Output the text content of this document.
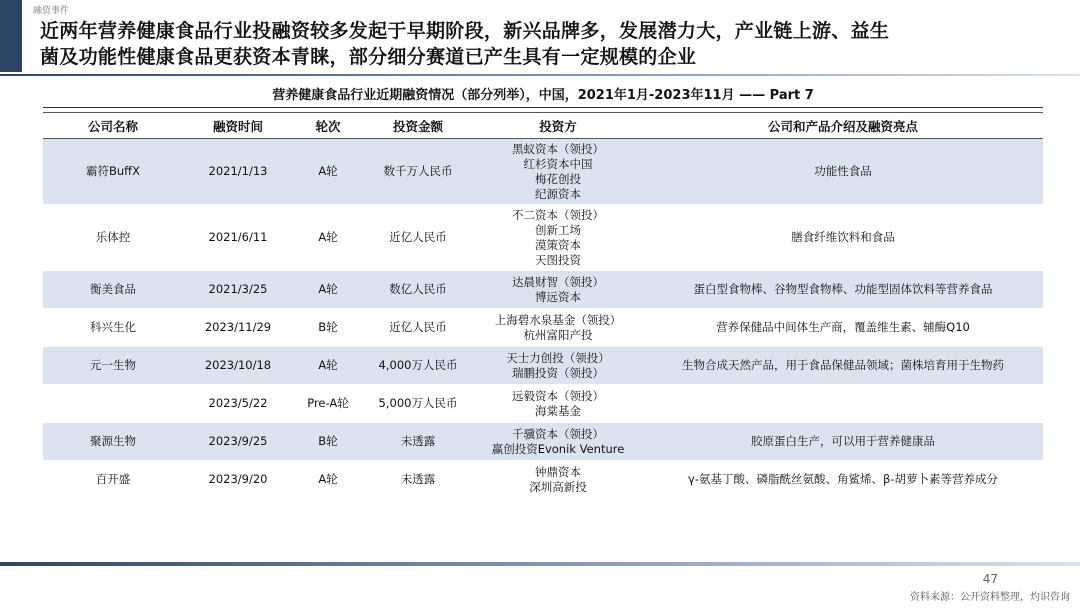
融资事件
近两年营养健康食品行业投融资较多发起于早期阶段，新兴品牌多，发展潜力大，产业链上游、益生
菌及功能性健康食品更获资本青睐，部分细分赛道已产生具有一定规模的企业
营养健康食品行业近期融资情况（部分列举），中国，2021年1月-2023年11月 —— Part 7
公司名称	融资时间	轮次	投资金额	投资方	公司和产品介绍及融资亮点
霸符BuffX	2021/1/13	A轮	数千万人民币	黑蚁资本（领投）
红杉资本中国
梅花创投
纪源资本	功能性食品
乐体控	2021/6/11	A轮	近亿人民币	不二资本（领投）
创新工场
漠策资本
天图投资	膳食纤维饮料和食品
衡美食品	2021/3/25	A轮	数亿人民币	达晨财智（领投）
博远资本	蛋白型食物棒、谷物型食物棒、功能型固体饮料等营养食品
科兴生化	2023/11/29	B轮	近亿人民币	上海碧水泉基金（领投）
杭州富阳产投	营养保健品中间体生产商，覆盖维生素、辅酶Q10
元一生物	2023/10/18	A轮	4,000万人民币	天士力创投（领投）
瑞鹏投资（领投）	生物合成天然产品，用于食品保健品领域；菌株培育用于生物药
	2023/5/22	Pre-A轮	5,000万人民币	远毅资本（领投）
海棠基金	

聚源生物	2023/9/25	B轮	未透露	千骥资本（领投）
赢创投资Evonik Venture	胶原蛋白生产，可以用于营养健康品
百开盛	2023/9/20	A轮	未透露	钟鼎资本
深圳高新投	γ-氨基丁酸、磷脂酰丝氨酸、角鲨烯、β-胡萝卜素等营养成分
47
资料来源：公开资料整理，灼识咨询
